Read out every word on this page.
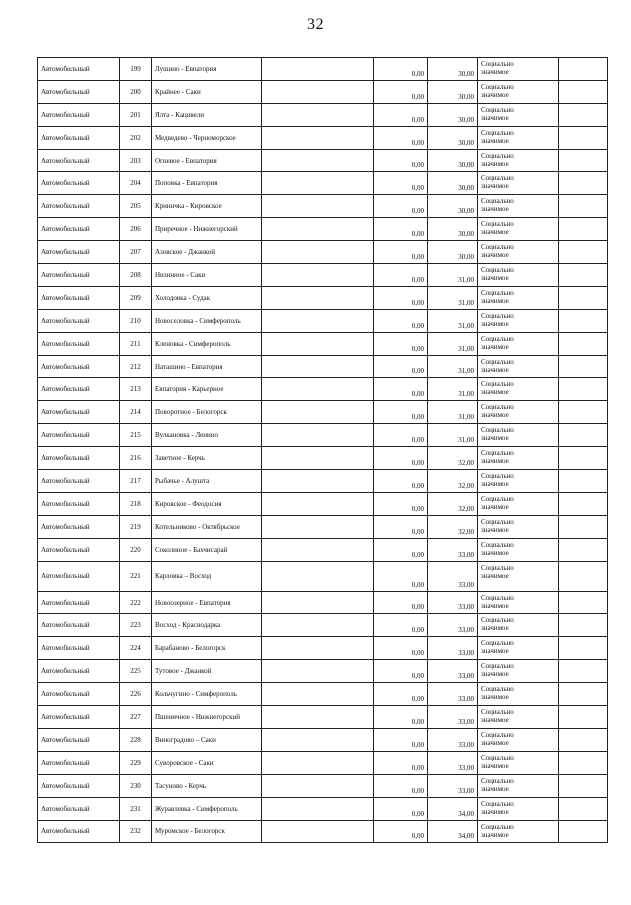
32
Автомобильный	199	Лушино - Евпатория		0,00	30,00	Социально
значимое	

Автомобильный	200	Крайнее - Саки		0,00	30,00	Социально
значимое	

Автомобильный	201	Ялта - Кацивели		0,00	30,00	Социально
значимое	

Автомобильный	202	Медведево - Черноморское		0,00	30,00	Социально
значимое	

Автомобильный	203	Огневое - Евпатория		0,00	30,00	Социально
значимое	

Автомобильный	204	Поповка - Евпатория		0,00	30,00	Социально
значимое	

Автомобильный	205	Криничка - Кировское		0,00	30,00	Социально
значимое	

Автомобильный	206	Приречное - Нижнегорский		0,00	30,00	Социально
значимое	

Автомобильный	207	Азовское - Джанкой		0,00	30,00	Социально
значимое	

Автомобильный	208	Низинное - Саки		0,00	31,00	Социально
значимое	

Автомобильный	209	Холодовка - Судак		0,00	31,00	Социально
значимое	

Автомобильный	210	Новоселовка - Симферополь		0,00	31,00	Социально
значимое	

Автомобильный	211	Кленовка - Симферополь		0,00	31,00	Социально
значимое	

Автомобильный	212	Наташино - Евпатория		0,00	31,00	Социально
значимое	

Автомобильный	213	Евпатория - Карьерное		0,00	31,00	Социально
значимое	

Автомобильный	214	Поворотное - Белогорск		0,00	31,00	Социально
значимое	

Автомобильный	215	Вулкановка - Ленино		0,00	31,00	Социально
значимое	

Автомобильный	216	Заветное - Керчь		0,00	32,00	Социально
значимое	

Автомобильный	217	Рыбачье - Алушта		0,00	32,00	Социально
значимое	

Автомобильный	218	Кировское - Феодосия		0,00	32,00	Социально
значимое	

Автомобильный	219	Котельниково - Октябрьское		0,00	32,00	Социально
значимое	

Автомобильный	220	Соколиное - Бахчисарай		0,00	33,00	Социально
значимое	

Автомобильный	221	Карловка – Восход		0,00	33,00	Социально
значимое	

Автомобильный	222	Новоозерное - Евпатория		0,00	33,00	Социально
значимое	

Автомобильный	223	Восход - Краснодарка		0,00	33,00	Социально
значимое	

Автомобильный	224	Барабаново - Белогорск		0,00	33,00	Социально
значимое	

Автомобильный	225	Тутовое - Джанкой		0,00	33,00	Социально
значимое	

Автомобильный	226	Кольчугино - Симферополь		0,00	33,00	Социально
значимое	

Автомобильный	227	Пшеничное - Нижнегорский		0,00	33,00	Социально
значимое	

Автомобильный	228	Виноградово – Саки		0,00	33,00	Социально
значимое	

Автомобильный	229	Суворовское - Саки		0,00	33,00	Социально
значимое	

Автомобильный	230	Тасуново - Керчь		0,00	33,00	Социально
значимое	

Автомобильный	231	Журавлевка - Симферополь		0,00	34,00	Социально
значимое	

Автомобильный	232	Муромское - Белогорск		0,00	34,00	Социально
значимое	
